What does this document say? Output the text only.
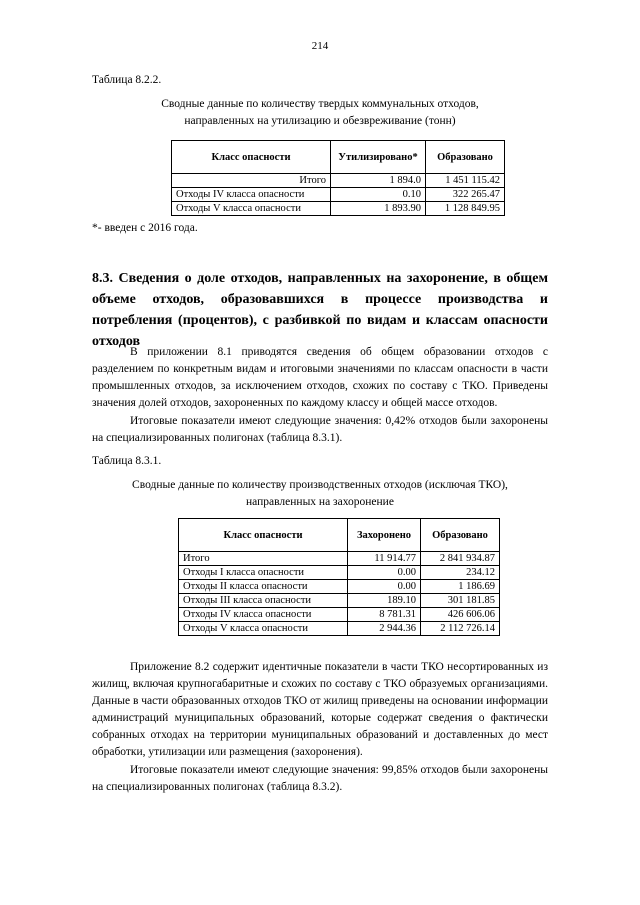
214
Таблица 8.2.2.
Сводные данные по количеству твердых коммунальных отходов,
направленных на утилизацию и обезвреживание (тонн)
Класс опасности	Утилизировано*	Образовано
Итого	1 894.0	1 451 115.42
Отходы IV класса опасности	0.10	322 265.47
Отходы V класса опасности	1 893.90	1 128 849.95
*- введен с 2016 года.
8.3. Сведения о доле отходов, направленных на захоронение, в общем объеме отходов, образовавшихся в процессе производства и потребления (процентов), с разбивкой по видам и классам опасности отходов
В приложении 8.1 приводятся сведения об общем образовании отходов с разделением по конкретным видам и итоговыми значениями по классам опасности в части промышленных отходов, за исключением отходов, схожих по составу с ТКО. Приведены значения долей отходов, захороненных по каждому классу и общей массе отходов.
Итоговые показатели имеют следующие значения: 0,42% отходов были захоронены на специализированных полигонах (таблица 8.3.1).
Таблица 8.3.1.
Сводные данные по количеству производственных отходов (исключая ТКО),
направленных на захоронение
Класс опасности	Захоронено	Образовано
Итого	11 914.77	2 841 934.87
Отходы I класса опасности	0.00	234.12
Отходы II класса опасности	0.00	1 186.69
Отходы III класса опасности	189.10	301 181.85
Отходы IV класса опасности	8 781.31	426 606.06
Отходы V класса опасности	2 944.36	2 112 726.14
Приложение 8.2 содержит идентичные показатели в части ТКО несортированных из жилищ, включая крупногабаритные и схожих по составу с ТКО образуемых организациями. Данные в части образованных отходов ТКО от жилищ приведены на основании информации администраций муниципальных образований, которые содержат сведения о фактически собранных отходах на территории муниципальных образований и доставленных до мест обработки, утилизации или размещения (захоронения).
Итоговые показатели имеют следующие значения: 99,85% отходов были захоронены на специализированных полигонах (таблица 8.3.2).
